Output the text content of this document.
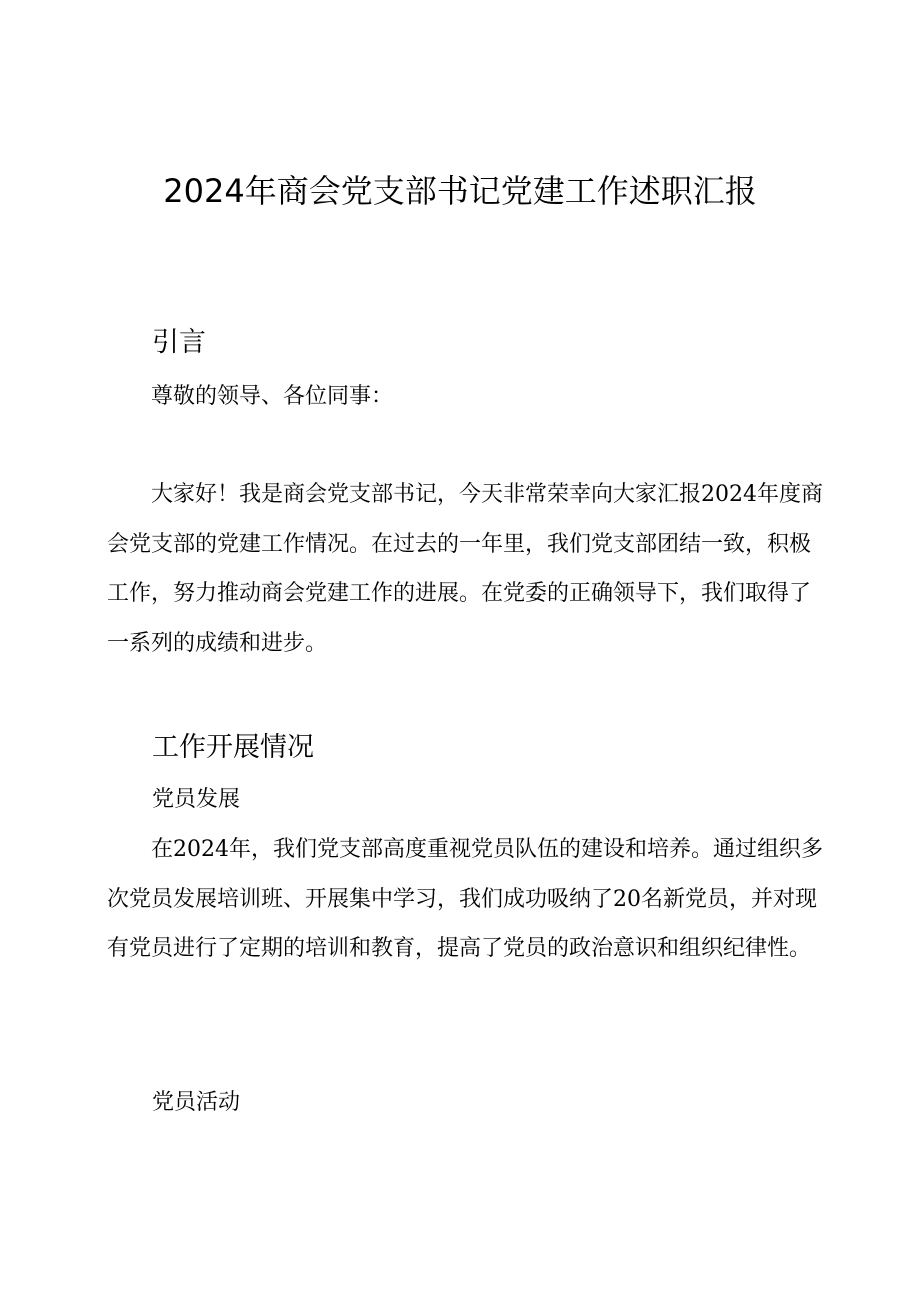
2024年商会党支部书记党建工作述职汇报
引言

尊敬的领导、各位同事：

大家好！我是商会党支部书记，今天非常荣幸向大家汇报2024年度商会党支部的党建工作情况。在过去的一年里，我们党支部团结一致，积极工作，努力推动商会党建工作的进展。在党委的正确领导下，我们取得了一系列的成绩和进步。

工作开展情况
党员发展

在2024年，我们党支部高度重视党员队伍的建设和培养。通过组织多次党员发展培训班、开展集中学习，我们成功吸纳了20名新党员，并对现有党员进行了定期的培训和教育，提高了党员的政治意识和组织纪律性。

党员活动
